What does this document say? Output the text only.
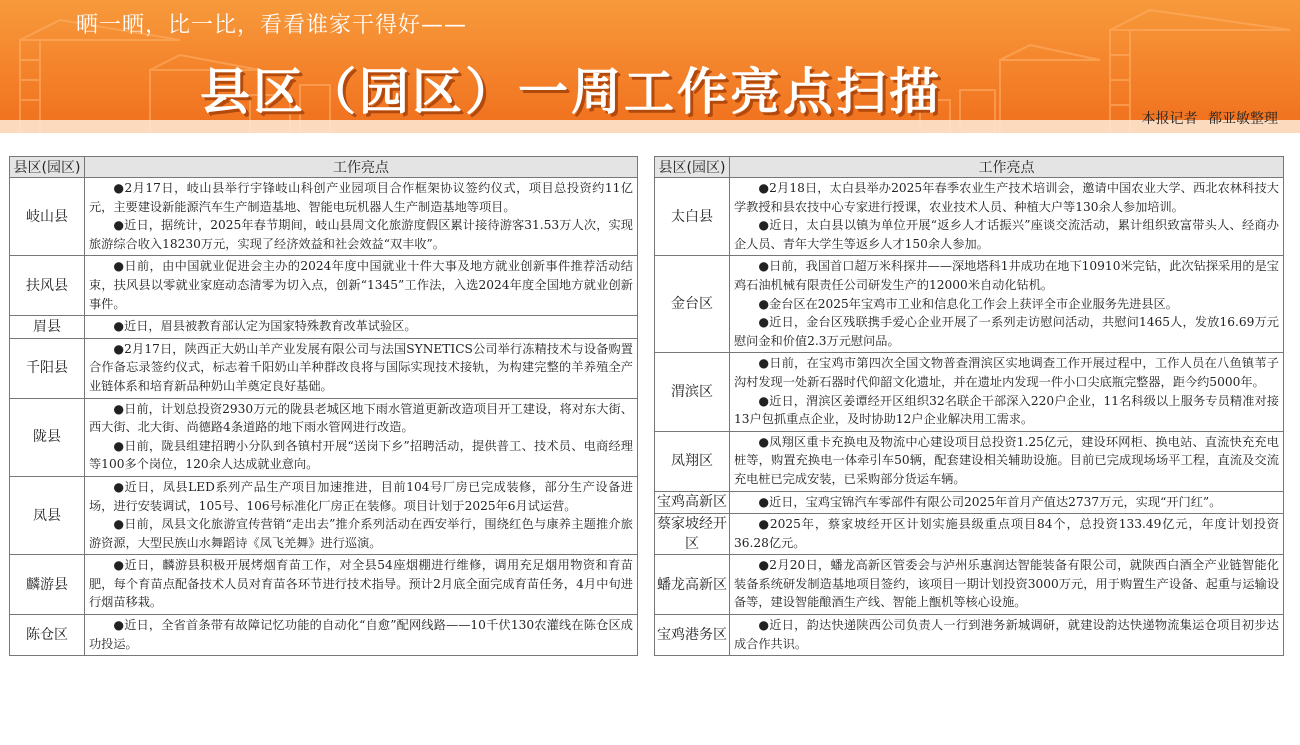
晒一晒，比一比，看看谁家干得好——
县区（园区）一周工作亮点扫描	本报记者 都亚敏整理
县区(园区)	工作亮点
岐山县	●2月17日，岐山县举行宇锋岐山科创产业园项目合作框架协议签约仪式，项目总投资约11亿元，主要建设新能源汽车生产制造基地、智能电玩机器人生产制造基地等项目。

●近日，据统计，2025年春节期间，岐山县周文化旅游度假区累计接待游客31.53万人次，实现旅游综合收入18230万元，实现了经济效益和社会效益“双丰收”。

扶风县	●日前，由中国就业促进会主办的2024年度中国就业十件大事及地方就业创新事件推荐活动结束，扶风县以零就业家庭动态清零为切入点，创新“1345”工作法，入选2024年度全国地方就业创新事件。

眉县	●近日，眉县被教育部认定为国家特殊教育改革试验区。

千阳县	●2月17日，陕西正大奶山羊产业发展有限公司与法国SYNETICS公司举行冻精技术与设备购置合作备忘录签约仪式，标志着千阳奶山羊种群改良将与国际实现技术接轨，为构建完整的羊养殖全产业链体系和培育新品种奶山羊奠定良好基础。

陇县	●日前，计划总投资2930万元的陇县老城区地下雨水管道更新改造项目开工建设，将对东大街、西大街、北大街、尚德路4条道路的地下雨水管网进行改造。

●日前，陇县组建招聘小分队到各镇村开展“送岗下乡”招聘活动，提供普工、技术员、电商经理等100多个岗位，120余人达成就业意向。

凤县	●近日，凤县LED系列产品生产项目加速推进，目前104号厂房已完成装修，部分生产设备进场，进行安装调试，105号、106号标准化厂房正在装修。项目计划于2025年6月试运营。

●日前，凤县文化旅游宣传营销“走出去”推介系列活动在西安举行，围绕红色与康养主题推介旅游资源，大型民族山水舞蹈诗《凤飞羌舞》进行巡演。

麟游县	●近日，麟游县积极开展烤烟育苗工作，对全县54座烟棚进行维修，调用充足烟用物资和育苗肥，每个育苗点配备技术人员对育苗各环节进行技术指导。预计2月底全面完成育苗任务，4月中旬进行烟苗移栽。

陈仓区	●近日，全省首条带有故障记忆功能的自动化“自愈”配网线路——10千伏130农灌线在陈仓区成功投运。

县区(园区)	工作亮点
太白县	●2月18日，太白县举办2025年春季农业生产技术培训会，邀请中国农业大学、西北农林科技大学教授和县农技中心专家进行授课，农业技术人员、种植大户等130余人参加培训。

●近日，太白县以镇为单位开展“返乡人才话振兴”座谈交流活动，累计组织致富带头人、经商办企人员、青年大学生等返乡人才150余人参加。

金台区	●日前，我国首口超万米科探井——深地塔科1井成功在地下10910米完钻，此次钻探采用的是宝鸡石油机械有限责任公司研发生产的12000米自动化钻机。

●金台区在2025年宝鸡市工业和信息化工作会上获评全市企业服务先进县区。

●近日，金台区残联携手爱心企业开展了一系列走访慰问活动，共慰问1465人，发放16.69万元慰问金和价值2.3万元慰问品。

渭滨区	●日前，在宝鸡市第四次全国文物普查渭滨区实地调查工作开展过程中，工作人员在八鱼镇苇子沟村发现一处新石器时代仰韶文化遗址，并在遗址内发现一件小口尖底瓶完整器，距今约5000年。

●近日，渭滨区姜谭经开区组织32名联企干部深入220户企业，11名科级以上服务专员精准对接13户包抓重点企业，及时协助12户企业解决用工需求。

凤翔区	●凤翔区重卡充换电及物流中心建设项目总投资1.25亿元，建设环网柜、换电站、直流快充充电桩等，购置充换电一体牵引车50辆，配套建设相关辅助设施。目前已完成现场场平工程，直流及交流充电桩已完成安装，已采购部分货运车辆。

宝鸡高新区	●近日，宝鸡宝锦汽车零部件有限公司2025年首月产值达2737万元，实现“开门红”。

蔡家坡经开区	●2025年，蔡家坡经开区计划实施县级重点项目84个，总投资133.49亿元，年度计划投资36.28亿元。

蟠龙高新区	●2月20日，蟠龙高新区管委会与泸州乐惠润达智能装备有限公司，就陕西白酒全产业链智能化装备系统研发制造基地项目签约，该项目一期计划投资3000万元，用于购置生产设备、起重与运输设备等，建设智能酿酒生产线、智能上甑机等核心设施。

宝鸡港务区	●近日，韵达快递陕西公司负责人一行到港务新城调研，就建设韵达快递物流集运仓项目初步达成合作共识。
